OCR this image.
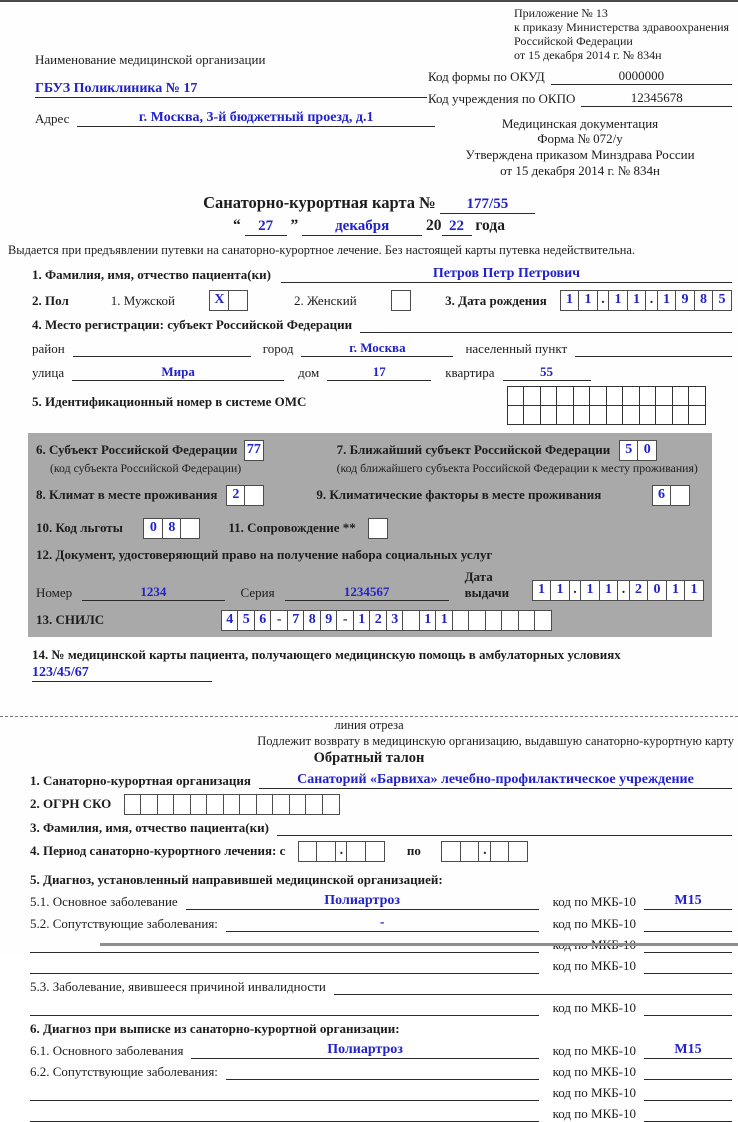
Наименование медицинской организации
ГБУЗ Поликлиника № 17
Адрес	г. Москва, 3-й бюджетный проезд, д.1
Приложение № 13
к приказу Министерства здравоохранения
Российской Федерации
от 15 декабря 2014 г. № 834н
Код формы по ОКУД	0000000
Код учреждения по ОКПО	12345678
Медицинская документация
Форма № 072/у
Утверждена приказом Минздрава России
от 15 декабря 2014 г. № 834н
Санаторно-курортная карта № 177/55
“ 27 ” декабря 20 22 года
Выдается при предъявлении путевки на санаторно-курортное лечение. Без настоящей карты путевка недействительна.
1. Фамилия, имя, отчество пациента(ки)	Петров Петр Петрович
2. Пол	1. Мужской	X	2. Женский	3. Дата рождения	1 1 . 1 1 . 1 9 8 5
4. Место регистрации: субъект Российской Федерации
район	город	г. Москва	населенный пункт
улица	Мира	дом	17	квартира	55
5. Идентификационный номер в системе ОМС
6. Субъект Российской Федерации 77
(код субъекта Российской Федерации)
7. Ближайший субъект Российской Федерации	5 0
(код ближайшего субъекта Российской Федерации к месту проживания)
8. Климат в месте проживания	2	9. Климатические факторы в месте проживания	6
10. Код льготы	0 8	11. Сопровождение **
12. Документ, удостоверяющий право на получение набора социальных услуг
Номер	1234	Серия	1234567
Дата выдачи	1 1 . 1 1 . 2 0 1 1
13. СНИЛС	4 5 6 - 7 8 9 - 1 2 3	1 1
14. № медицинской карты пациента, получающего медицинскую помощь в амбулаторных условиях
123/45/67
линия отреза
Подлежит возврату в медицинскую организацию, выдавшую санаторно-курортную карту
Обратный талон
1. Санаторно-курортная организация	Санаторий «Барвиха» лечебно-профилактическое учреждение
2. ОГРН СКО
3. Фамилия, имя, отчество пациента(ки)
4. Период санаторно-курортного лечения: с	.	по	.
5. Диагноз, установленный направившей медицинской организацией:
5.1. Основное заболевание	Полиартроз	код по МКБ-10	М15
5.2. Сопутствующие заболевания:	-	код по МКБ-10
код по МКБ-10
5.3. Заболевание, явившееся причиной инвалидности
код по МКБ-10
6. Диагноз при выписке из санаторно-курортной организации:
6.1. Основного заболевания	Полиартроз	код по МКБ-10	М15
6.2. Сопутствующие заболевания:	код по МКБ-10
код по МКБ-10
код по МКБ-10
